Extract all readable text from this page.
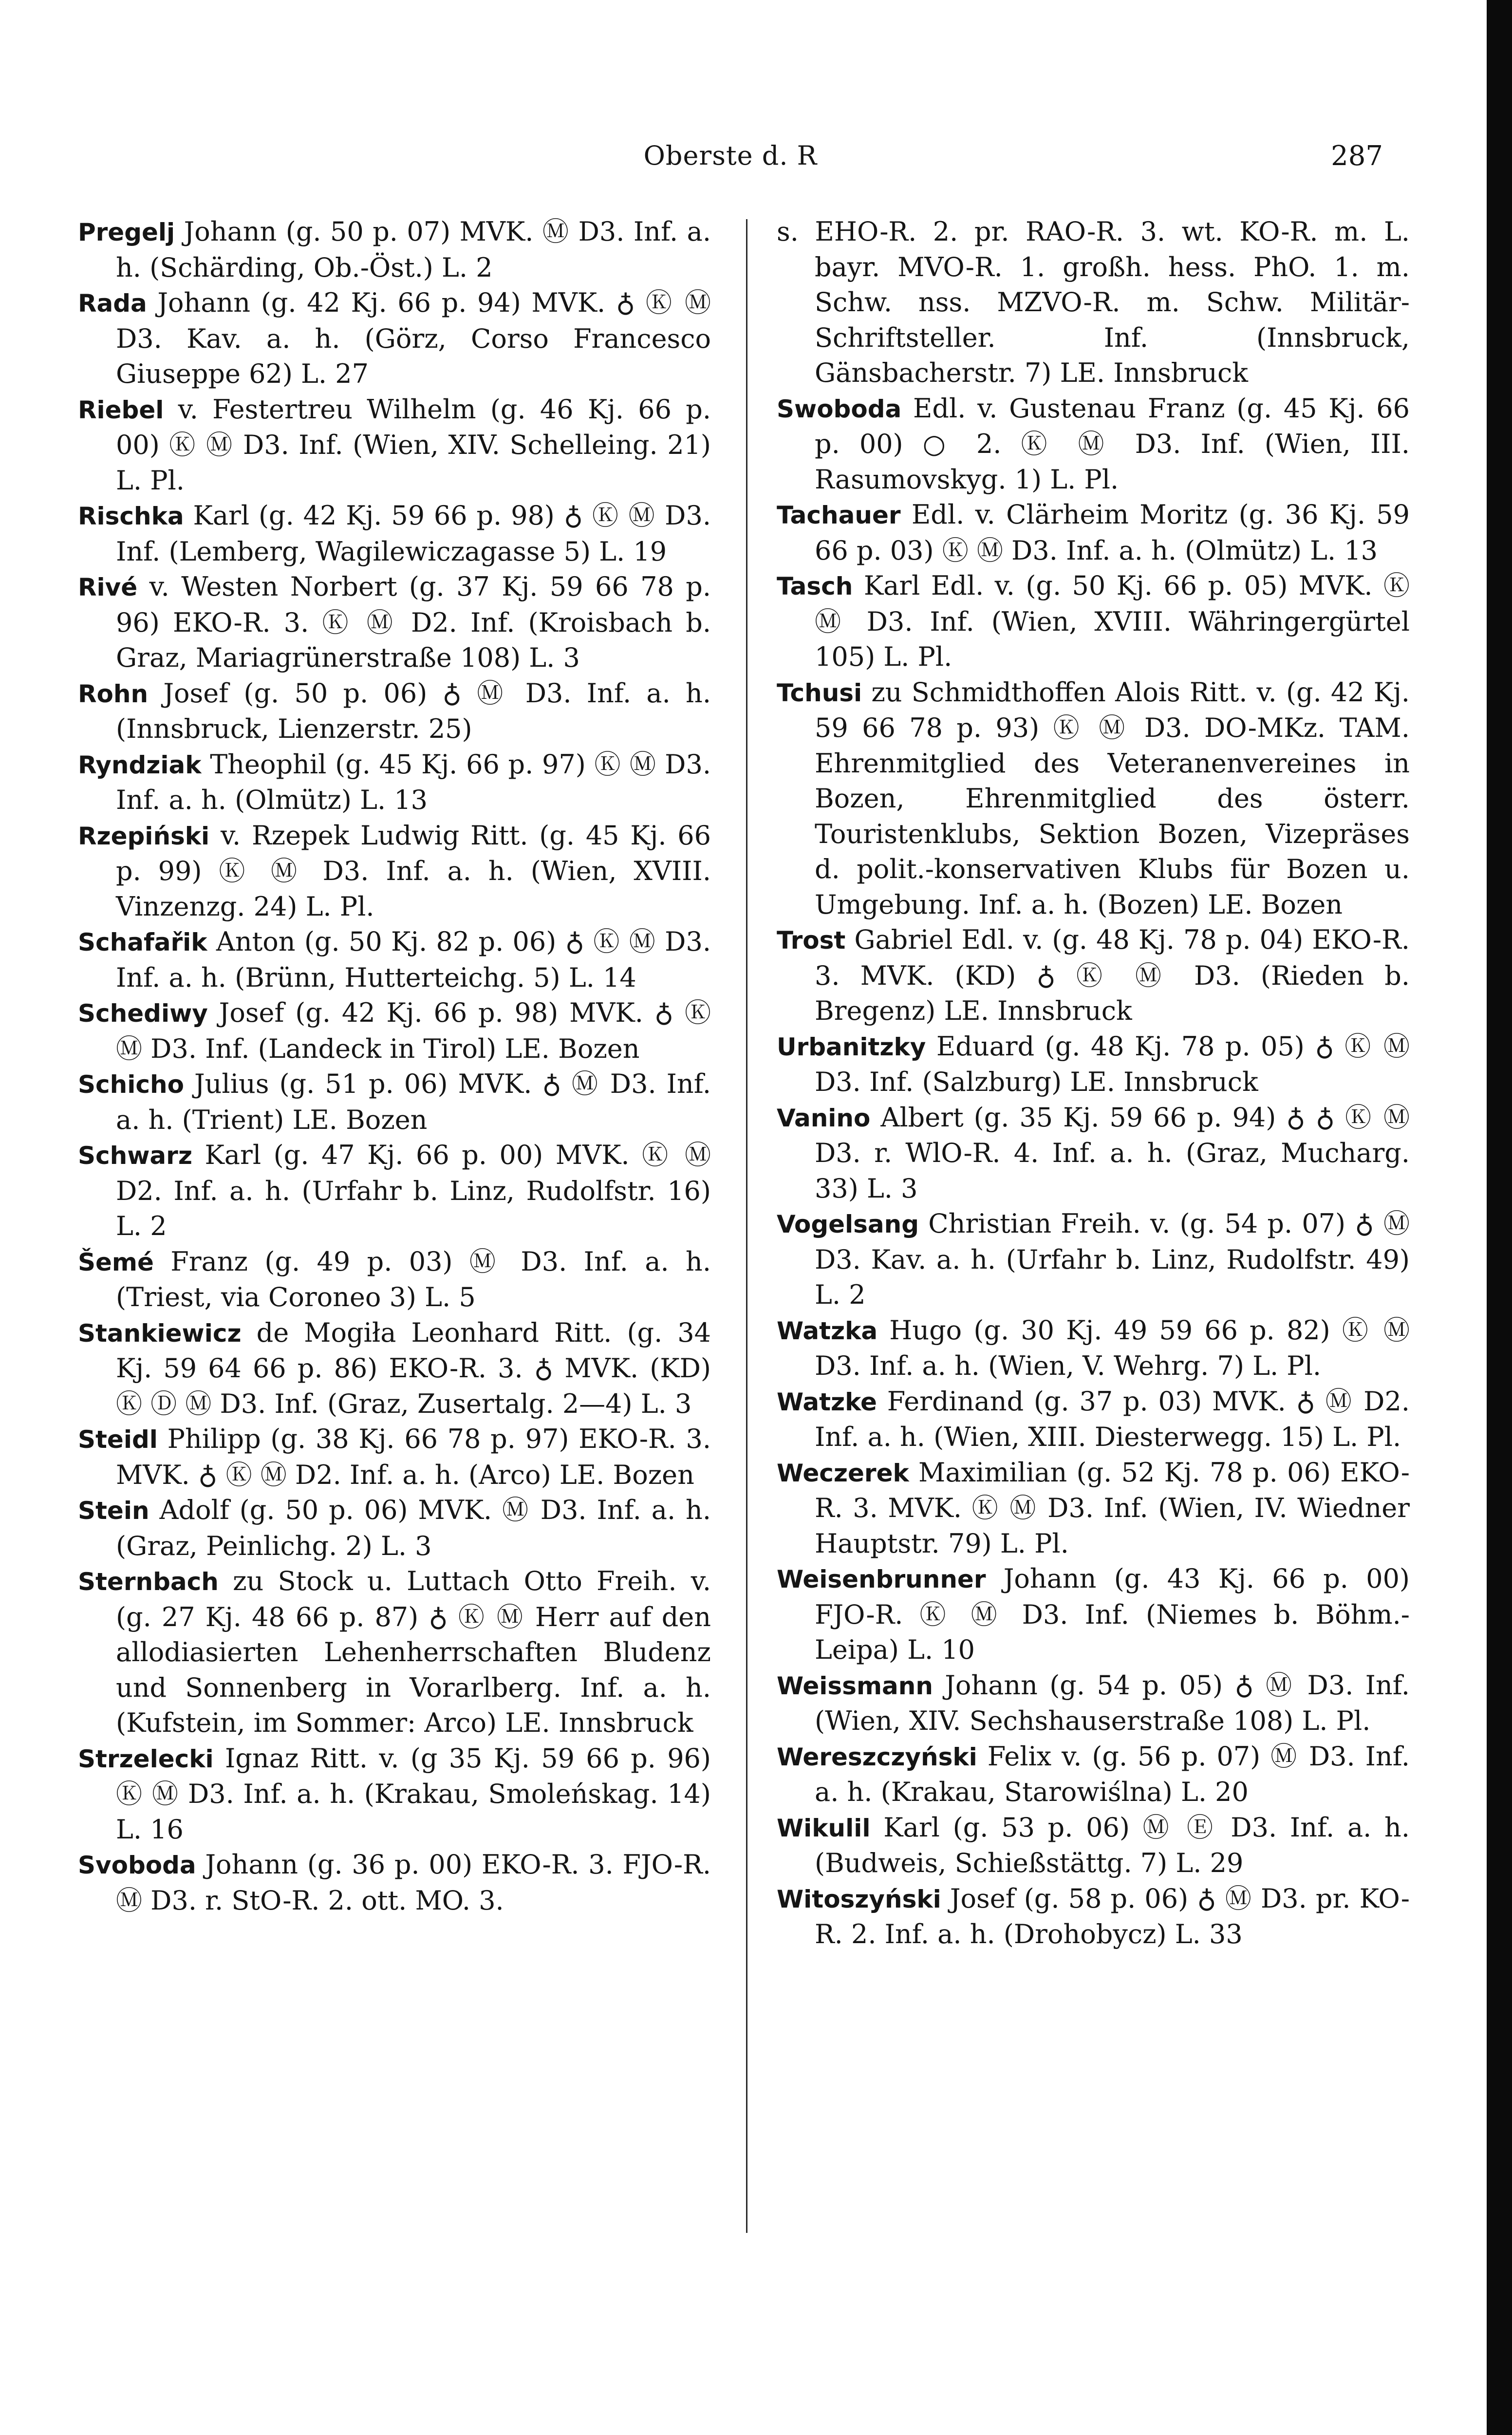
Oberste d. R	287

Pregelj Johann (g. 50 p. 07) MVK. Ⓜ D3. Inf. a. h. (Schärding, Ob.-Öst.) L. 2

Rada Johann (g. 42 Kj. 66 p. 94) MVK. ♁ Ⓚ Ⓜ D3. Kav. a. h. (Görz, Corso Francesco Giuseppe 62) L. 27

Riebel v. Festertreu Wilhelm (g. 46 Kj. 66 p. 00) Ⓚ Ⓜ D3. Inf. (Wien, XIV. Schelleing. 21) L. Pl.

Rischka Karl (g. 42 Kj. 59 66 p. 98) ♁ Ⓚ Ⓜ D3. Inf. (Lemberg, Wagilewiczagasse 5) L. 19

Rivé v. Westen Norbert (g. 37 Kj. 59 66 78 p. 96) EKO-R. 3. Ⓚ Ⓜ D2. Inf. (Kroisbach b. Graz, Mariagrünerstraße 108) L. 3

Rohn Josef (g. 50 p. 06) ♁ Ⓜ D3. Inf. a. h. (Innsbruck, Lienzerstr. 25)

Ryndziak Theophil (g. 45 Kj. 66 p. 97) Ⓚ Ⓜ D3. Inf. a. h. (Olmütz) L. 13

Rzepiński v. Rzepek Ludwig Ritt. (g. 45 Kj. 66 p. 99) Ⓚ Ⓜ D3. Inf. a. h. (Wien, XVIII. Vinzenzg. 24) L. Pl.

Schafařik Anton (g. 50 Kj. 82 p. 06) ♁ Ⓚ Ⓜ D3. Inf. a. h. (Brünn, Hutterteichg. 5) L. 14

Schediwy Josef (g. 42 Kj. 66 p. 98) MVK. ♁ Ⓚ Ⓜ D3. Inf. (Landeck in Tirol) LE. Bozen

Schicho Julius (g. 51 p. 06) MVK. ♁ Ⓜ D3. Inf. a. h. (Trient) LE. Bozen

Schwarz Karl (g. 47 Kj. 66 p. 00) MVK. Ⓚ Ⓜ D2. Inf. a. h. (Urfahr b. Linz, Rudolfstr. 16) L. 2

Šemé Franz (g. 49 p. 03) Ⓜ D3. Inf. a. h. (Triest, via Coroneo 3) L. 5

Stankiewicz de Mogiła Leonhard Ritt. (g. 34 Kj. 59 64 66 p. 86) EKO-R. 3. ♁ MVK. (KD) Ⓚ Ⓓ Ⓜ D3. Inf. (Graz, Zusertalg. 2—4) L. 3

Steidl Philipp (g. 38 Kj. 66 78 p. 97) EKO-R. 3. MVK. ♁ Ⓚ Ⓜ D2. Inf. a. h. (Arco) LE. Bozen

Stein Adolf (g. 50 p. 06) MVK. Ⓜ D3. Inf. a. h. (Graz, Peinlichg. 2) L. 3

Sternbach zu Stock u. Luttach Otto Freih. v. (g. 27 Kj. 48 66 p. 87) ♁ Ⓚ Ⓜ Herr auf den allodiasierten Lehenherrschaften Bludenz und Sonnenberg in Vorarlberg. Inf. a. h. (Kufstein, im Sommer: Arco) LE. Innsbruck

Strzelecki Ignaz Ritt. v. (g 35 Kj. 59 66 p. 96) Ⓚ Ⓜ D3. Inf. a. h. (Krakau, Smoleńskag. 14) L. 16

Svoboda Johann (g. 36 p. 00) EKO-R. 3. FJO-R. Ⓜ D3. r. StO-R. 2. ott. MO. 3.

s. EHO-R. 2. pr. RAO-R. 3. wt. KO-R. m. L. bayr. MVO-R. 1. großh. hess. PhO. 1. m. Schw. nss. MZVO-R. m. Schw. Militär-Schriftsteller. Inf. (Innsbruck, Gänsbacherstr. 7) LE. Innsbruck

Swoboda Edl. v. Gustenau Franz (g. 45 Kj. 66 p. 00) ○ 2. Ⓚ Ⓜ D3. Inf. (Wien, III. Rasumovskyg. 1) L. Pl.

Tachauer Edl. v. Clärheim Moritz (g. 36 Kj. 59 66 p. 03) Ⓚ Ⓜ D3. Inf. a. h. (Olmütz) L. 13

Tasch Karl Edl. v. (g. 50 Kj. 66 p. 05) MVK. Ⓚ Ⓜ D3. Inf. (Wien, XVIII. Währingergürtel 105) L. Pl.

Tchusi zu Schmidthoffen Alois Ritt. v. (g. 42 Kj. 59 66 78 p. 93) Ⓚ Ⓜ D3. DO-MKz. TAM. Ehrenmitglied des Veteranenvereines in Bozen, Ehrenmitglied des österr. Touristenklubs, Sektion Bozen, Vizepräses d. polit.-konservativen Klubs für Bozen u. Umgebung. Inf. a. h. (Bozen) LE. Bozen

Trost Gabriel Edl. v. (g. 48 Kj. 78 p. 04) EKO-R. 3. MVK. (KD) ♁ Ⓚ Ⓜ D3. (Rieden b. Bregenz) LE. Innsbruck

Urbanitzky Eduard (g. 48 Kj. 78 p. 05) ♁ Ⓚ Ⓜ D3. Inf. (Salzburg) LE. Innsbruck

Vanino Albert (g. 35 Kj. 59 66 p. 94) ♁ ♁ Ⓚ Ⓜ D3. r. WlO-R. 4. Inf. a. h. (Graz, Mucharg. 33) L. 3

Vogelsang Christian Freih. v. (g. 54 p. 07) ♁ Ⓜ D3. Kav. a. h. (Urfahr b. Linz, Rudolfstr. 49) L. 2

Watzka Hugo (g. 30 Kj. 49 59 66 p. 82) Ⓚ Ⓜ D3. Inf. a. h. (Wien, V. Wehrg. 7) L. Pl.

Watzke Ferdinand (g. 37 p. 03) MVK. ♁ Ⓜ D2. Inf. a. h. (Wien, XIII. Diesterwegg. 15) L. Pl.

Weczerek Maximilian (g. 52 Kj. 78 p. 06) EKO-R. 3. MVK. Ⓚ Ⓜ D3. Inf. (Wien, IV. Wiedner Hauptstr. 79) L. Pl.

Weisenbrunner Johann (g. 43 Kj. 66 p. 00) FJO-R. Ⓚ Ⓜ D3. Inf. (Niemes b. Böhm.-Leipa) L. 10

Weissmann Johann (g. 54 p. 05) ♁ Ⓜ D3. Inf. (Wien, XIV. Sechshauserstraße 108) L. Pl.

Wereszczyński Felix v. (g. 56 p. 07) Ⓜ D3. Inf. a. h. (Krakau, Starowiślna) L. 20

Wikulil Karl (g. 53 p. 06) Ⓜ Ⓔ D3. Inf. a. h. (Budweis, Schießstättg. 7) L. 29

Witoszyński Josef (g. 58 p. 06) ♁ Ⓜ D3. pr. KO-R. 2. Inf. a. h. (Drohobycz) L. 33
